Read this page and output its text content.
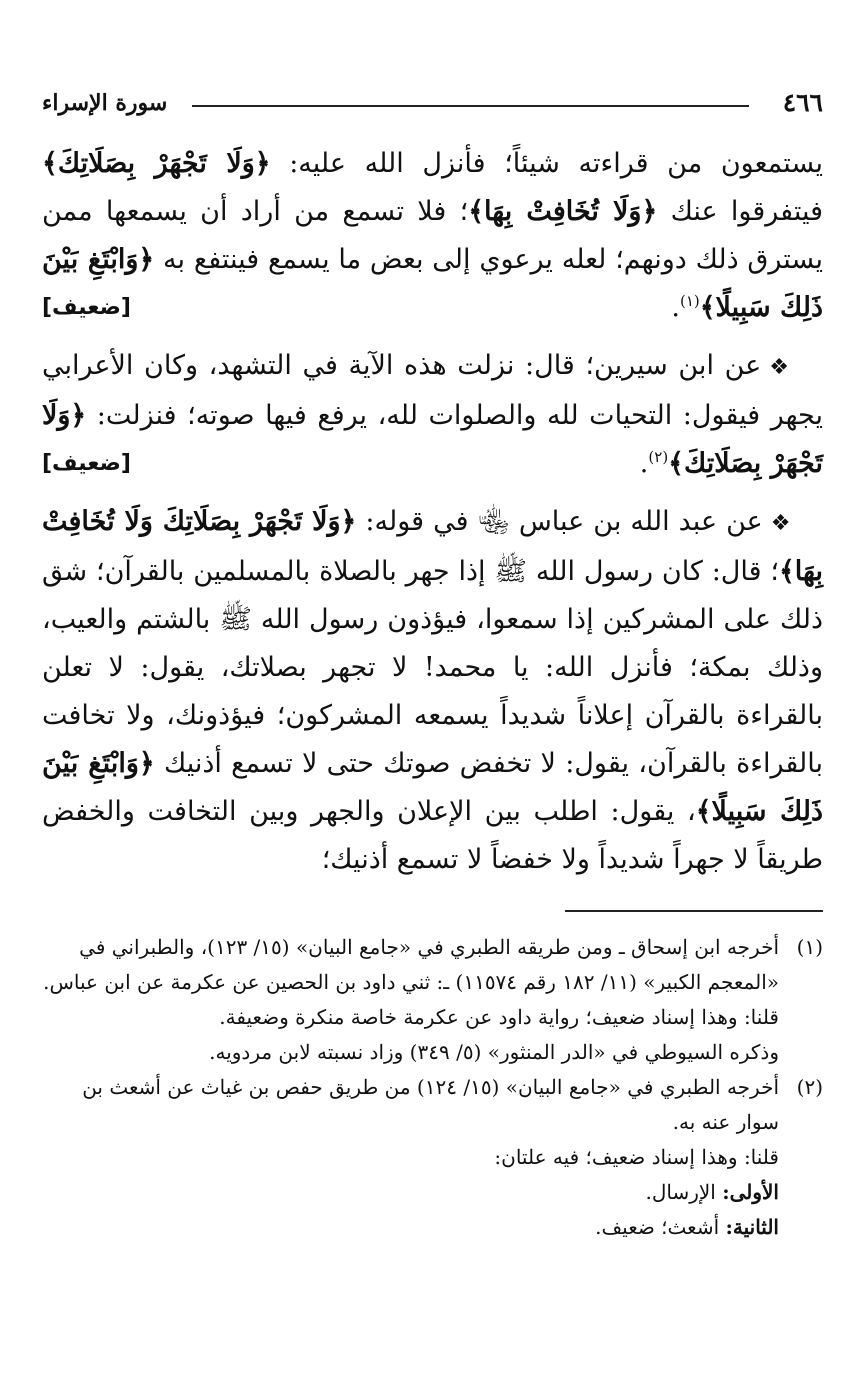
٤٦٦
سورة الإسراء

يستمعون من قراءته شيئاً؛ فأنزل الله عليه: ﴿وَلَا تَجْهَرْ بِصَلَاتِكَ﴾ فيتفرقوا عنك ﴿وَلَا تُخَافِتْ بِهَا﴾؛ فلا تسمع من أراد أن يسمعها ممن يسترق ذلك دونهم؛ لعله يرعوي إلى بعض ما يسمع فينتفع به ﴿وَابْتَغِ بَيْنَ ذَلِكَ سَبِيلًا﴾$^{(١)}$.
[ضعيف]

❖عن ابن سيرين؛ قال: نزلت هذه الآية في التشهد، وكان الأعرابي يجهر فيقول: التحيات لله والصلوات لله، يرفع فيها صوته؛ فنزلت: ﴿وَلَا تَجْهَرْ بِصَلَاتِكَ﴾$^{(٢)}$.
[ضعيف]

❖عن عبد الله بن عباس ﵄ في قوله: ﴿وَلَا تَجْهَرْ بِصَلَاتِكَ وَلَا تُخَافِتْ بِهَا﴾؛ قال: كان رسول الله ﷺ إذا جهر بالصلاة بالمسلمين بالقرآن؛ شق ذلك على المشركين إذا سمعوا، فيؤذون رسول الله ﷺ بالشتم والعيب، وذلك بمكة؛ فأنزل الله: يا محمد! لا تجهر بصلاتك، يقول: لا تعلن بالقراءة بالقرآن إعلاناً شديداً يسمعه المشركون؛ فيؤذونك، ولا تخافت بالقراءة بالقرآن، يقول: لا تخفض صوتك حتى لا تسمع أذنيك ﴿وَابْتَغِ بَيْنَ ذَلِكَ سَبِيلًا﴾، يقول: اطلب بين الإعلان والجهر وبين التخافت والخفض طريقاً لا جهراً شديداً ولا خفضاً لا تسمع أذنيك؛

(١)
أخرجه ابن إسحاق ـ ومن طريقه الطبري في «جامع البيان» (١٥/ ١٢٣)، والطبراني في «المعجم الكبير» (١١/ ١٨٢ رقم ١١٥٧٤) ـ: ثني داود بن الحصين عن عكرمة عن ابن عباس.
قلنا: وهذا إسناد ضعيف؛ رواية داود عن عكرمة خاصة منكرة وضعيفة.
وذكره السيوطي في «الدر المنثور» (٥/ ٣٤٩) وزاد نسبته لابن مردويه.
(٢)
أخرجه الطبري في «جامع البيان» (١٥/ ١٢٤) من طريق حفص بن غياث عن أشعث بن سوار عنه به.
قلنا: وهذا إسناد ضعيف؛ فيه علتان:
الأولى: الإرسال.
الثانية: أشعث؛ ضعيف.
